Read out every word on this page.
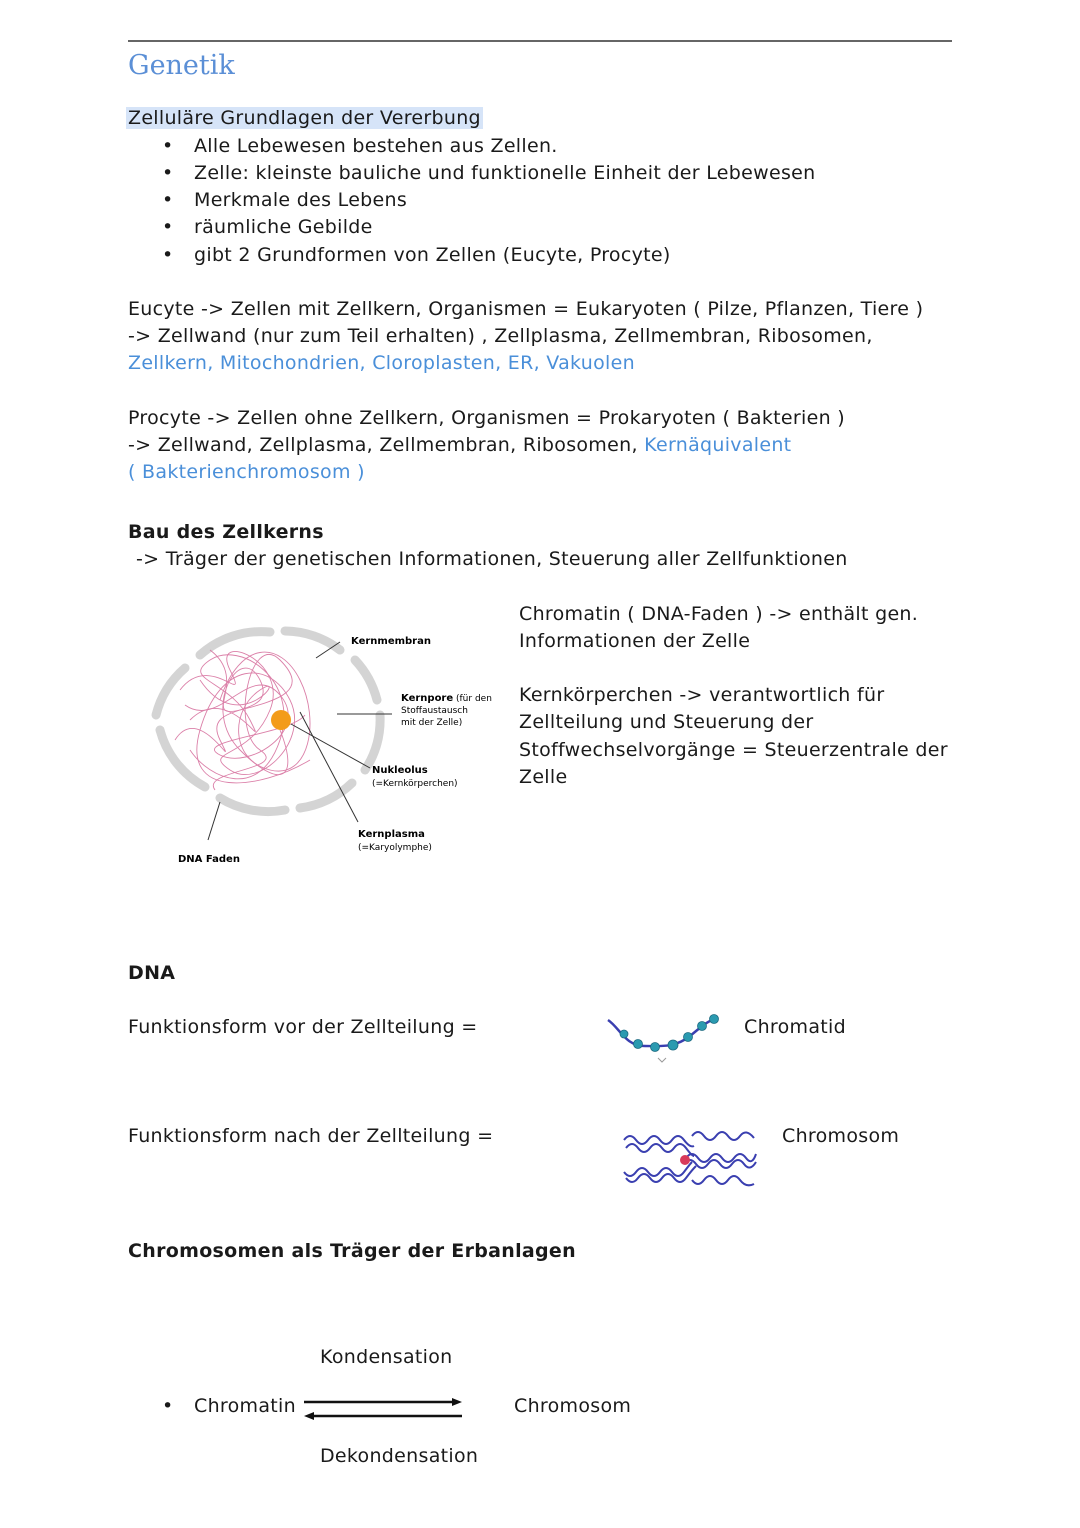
Genetik
Zelluläre Grundlagen der Vererbung
• Alle Lebewesen bestehen aus Zellen.
• Zelle: kleinste bauliche und funktionelle Einheit der Lebewesen
• Merkmale des Lebens
• räumliche Gebilde
• gibt 2 Grundformen von Zellen (Eucyte, Procyte)
Eucyte -> Zellen mit Zellkern, Organismen = Eukaryoten ( Pilze, Pflanzen, Tiere )
-> Zellwand (nur zum Teil erhalten) , Zellplasma, Zellmembran, Ribosomen,
Zellkern, Mitochondrien, Cloroplasten, ER, Vakuolen
Procyte -> Zellen ohne Zellkern, Organismen = Prokaryoten ( Bakterien )
-> Zellwand, Zellplasma, Zellmembran, Ribosomen, Kernäquivalent
( Bakterienchromosom )
Bau des Zellkerns
-> Träger der genetischen Informationen, Steuerung aller Zellfunktionen
Kernmembran
Kernpore (für den
Stoffaustausch
mit der Zelle)
Nukleolus
(=Kernkörperchen)
Kernplasma
(=Karyolymphe)
DNA Faden
Chromatin ( DNA-Faden ) -> enthält gen.
Informationen der Zelle
Kernkörperchen -> verantwortlich für
Zellteilung und Steuerung der
Stoffwechselvorgänge = Steuerzentrale der
Zelle
DNA
Funktionsform vor der Zellteilung =	Chromatid
Funktionsform nach der Zellteilung =	Chromosom
Chromosomen als Träger der Erbanlagen
Kondensation
• Chromatin	Chromosom
Dekondensation
